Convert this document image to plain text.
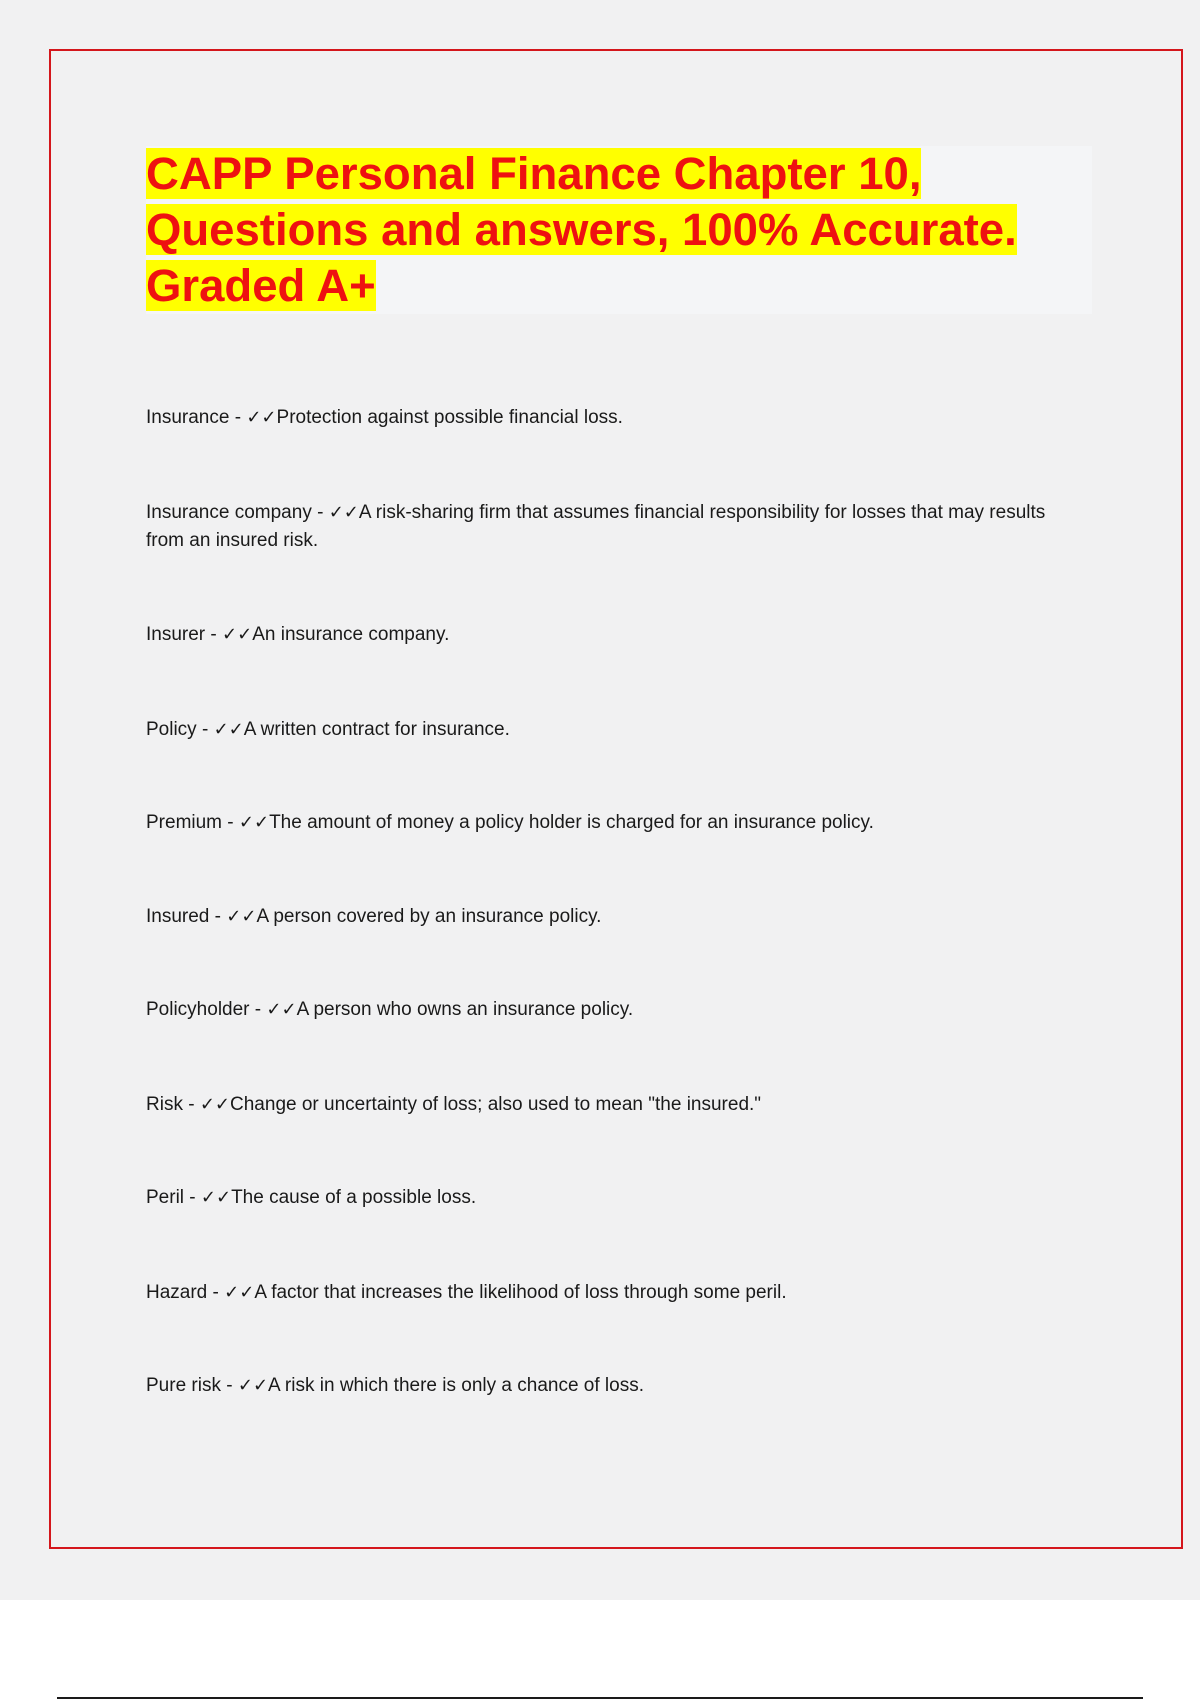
CAPP Personal Finance Chapter 10,
Questions and answers, 100% Accurate.
Graded A+

Insurance - ✓✓Protection against possible financial loss.

Insurance company - ✓✓A risk-sharing firm that assumes financial responsibility for losses that may results from an insured risk.

Insurer - ✓✓An insurance company.

Policy - ✓✓A written contract for insurance.

Premium - ✓✓The amount of money a policy holder is charged for an insurance policy.

Insured - ✓✓A person covered by an insurance policy.

Policyholder - ✓✓A person who owns an insurance policy.

Risk - ✓✓Change or uncertainty of loss; also used to mean "the insured."

Peril - ✓✓The cause of a possible loss.

Hazard - ✓✓A factor that increases the likelihood of loss through some peril.

Pure risk - ✓✓A risk in which there is only a chance of loss.
